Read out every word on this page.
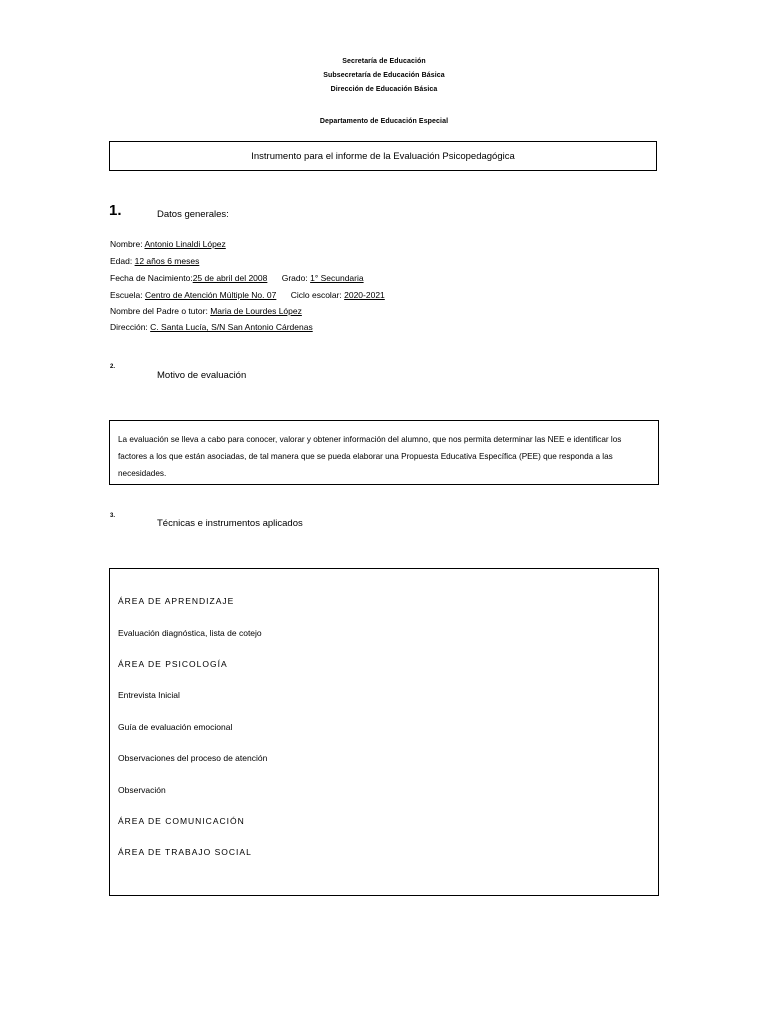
Secretaría de Educación
Subsecretaría de Educación Básica
Dirección de Educación Básica
Departamento de Educación Especial
Instrumento para el informe de la Evaluación Psicopedagógica
1.	Datos generales:
Nombre: Antonio Linaldi López
Edad: 12 años 6 meses
Fecha de Nacimiento:25 de abril del 2008 Grado: 1° Secundaria
Escuela: Centro de Atención Múltiple No. 07 Ciclo escolar: 2020-2021
Nombre del Padre o tutor: Maria de Lourdes López
Dirección: C. Santa Lucía, S/N San Antonio Cárdenas
2.
Motivo de evaluación
La evaluación se lleva a cabo para conocer, valorar y obtener información del alumno, que nos permita determinar las NEE e identificar los factores a los que están asociadas, de tal manera que se pueda elaborar una Propuesta Educativa Específica (PEE) que responda a las necesidades.
3.
Técnicas e instrumentos aplicados
ÁREA DE APRENDIZAJE
Evaluación diagnóstica, lista de cotejo
ÁREA DE PSICOLOGÍA
Entrevista Inicial
Guía de evaluación emocional
Observaciones del proceso de atención
Observación
ÁREA DE COMUNICACIÓN
ÁREA DE TRABAJO SOCIAL
